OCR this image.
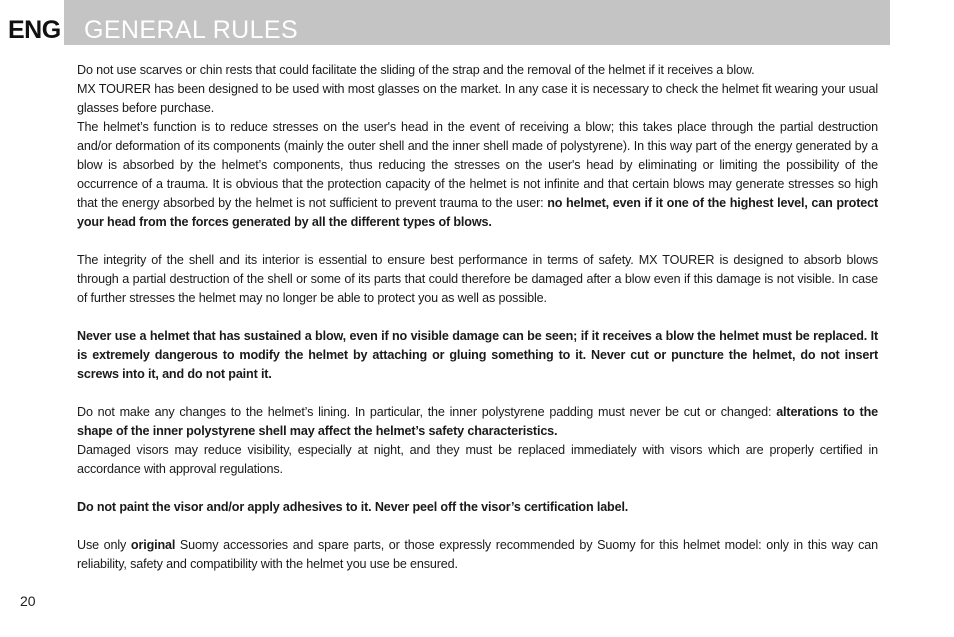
ENG GENERAL RULES

Do not use scarves or chin rests that could facilitate the sliding of the strap and the removal of the helmet if it receives a blow.

MX TOURER has been designed to be used with most glasses on the market. In any case it is necessary to check the helmet fit wearing your usual glasses before purchase.

The helmet’s function is to reduce stresses on the user's head in the event of receiving a blow; this takes place through the partial destruction and/or deformation of its components (mainly the outer shell and the inner shell made of polystyrene). In this way part of the energy generated by a blow is absorbed by the helmet’s components, thus reducing the stresses on the user's head by eliminating or limiting the possibility of the occurrence of a trauma. It is obvious that the protection capacity of the helmet is not infinite and that certain blows may generate stresses so high that the energy absorbed by the helmet is not sufficient to prevent trauma to the user: no helmet, even if it one of the highest level, can protect your head from the forces generated by all the different types of blows.

The integrity of the shell and its interior is essential to ensure best performance in terms of safety. MX TOURER is designed to absorb blows through a partial destruction of the shell or some of its parts that could therefore be damaged after a blow even if this damage is not visible. In case of further stresses the helmet may no longer be able to protect you as well as possible.

Never use a helmet that has sustained a blow, even if no visible damage can be seen; if it receives a blow the helmet must be replaced. It is extremely dangerous to modify the helmet by attaching or gluing something to it. Never cut or puncture the helmet, do not insert screws into it, and do not paint it.

Do not make any changes to the helmet’s lining. In particular, the inner polystyrene padding must never be cut or changed: alterations to the shape of the inner polystyrene shell may affect the helmet’s safety characteristics.

Damaged visors may reduce visibility, especially at night, and they must be replaced immediately with visors which are properly certified in accordance with approval regulations.

Do not paint the visor and/or apply adhesives to it. Never peel off the visor’s certification label.

Use only original Suomy accessories and spare parts, or those expressly recommended by Suomy for this helmet model: only in this way can reliability, safety and compatibility with the helmet you use be ensured.

20
